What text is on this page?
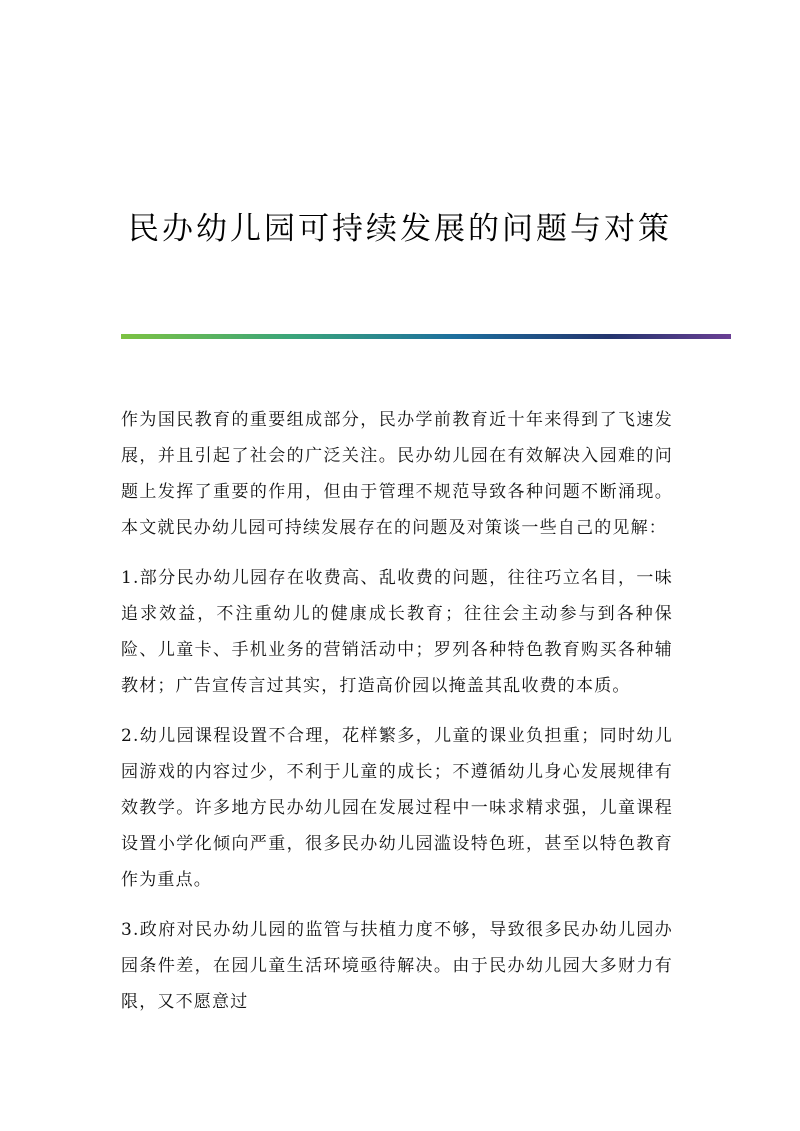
民办幼儿园可持续发展的问题与对策

作为国民教育的重要组成部分，民办学前教育近十年来得到了飞速发展，并且引起了社会的广泛关注。民办幼儿园在有效解决入园难的问题上发挥了重要的作用，但由于管理不规范导致各种问题不断涌现。本文就民办幼儿园可持续发展存在的问题及对策谈一些自己的见解：

1.部分民办幼儿园存在收费高、乱收费的问题，往往巧立名目，一味追求效益，不注重幼儿的健康成长教育；往往会主动参与到各种保险、儿童卡、手机业务的营销活动中；罗列各种特色教育购买各种辅教材；广告宣传言过其实，打造高价园以掩盖其乱收费的本质。

2.幼儿园课程设置不合理，花样繁多，儿童的课业负担重；同时幼儿园游戏的内容过少，不利于儿童的成长；不遵循幼儿身心发展规律有效教学。许多地方民办幼儿园在发展过程中一味求精求强，儿童课程设置小学化倾向严重，很多民办幼儿园滥设特色班，甚至以特色教育作为重点。

3.政府对民办幼儿园的监管与扶植力度不够，导致很多民办幼儿园办园条件差，在园儿童生活环境亟待解决。由于民办幼儿园大多财力有限，又不愿意过
